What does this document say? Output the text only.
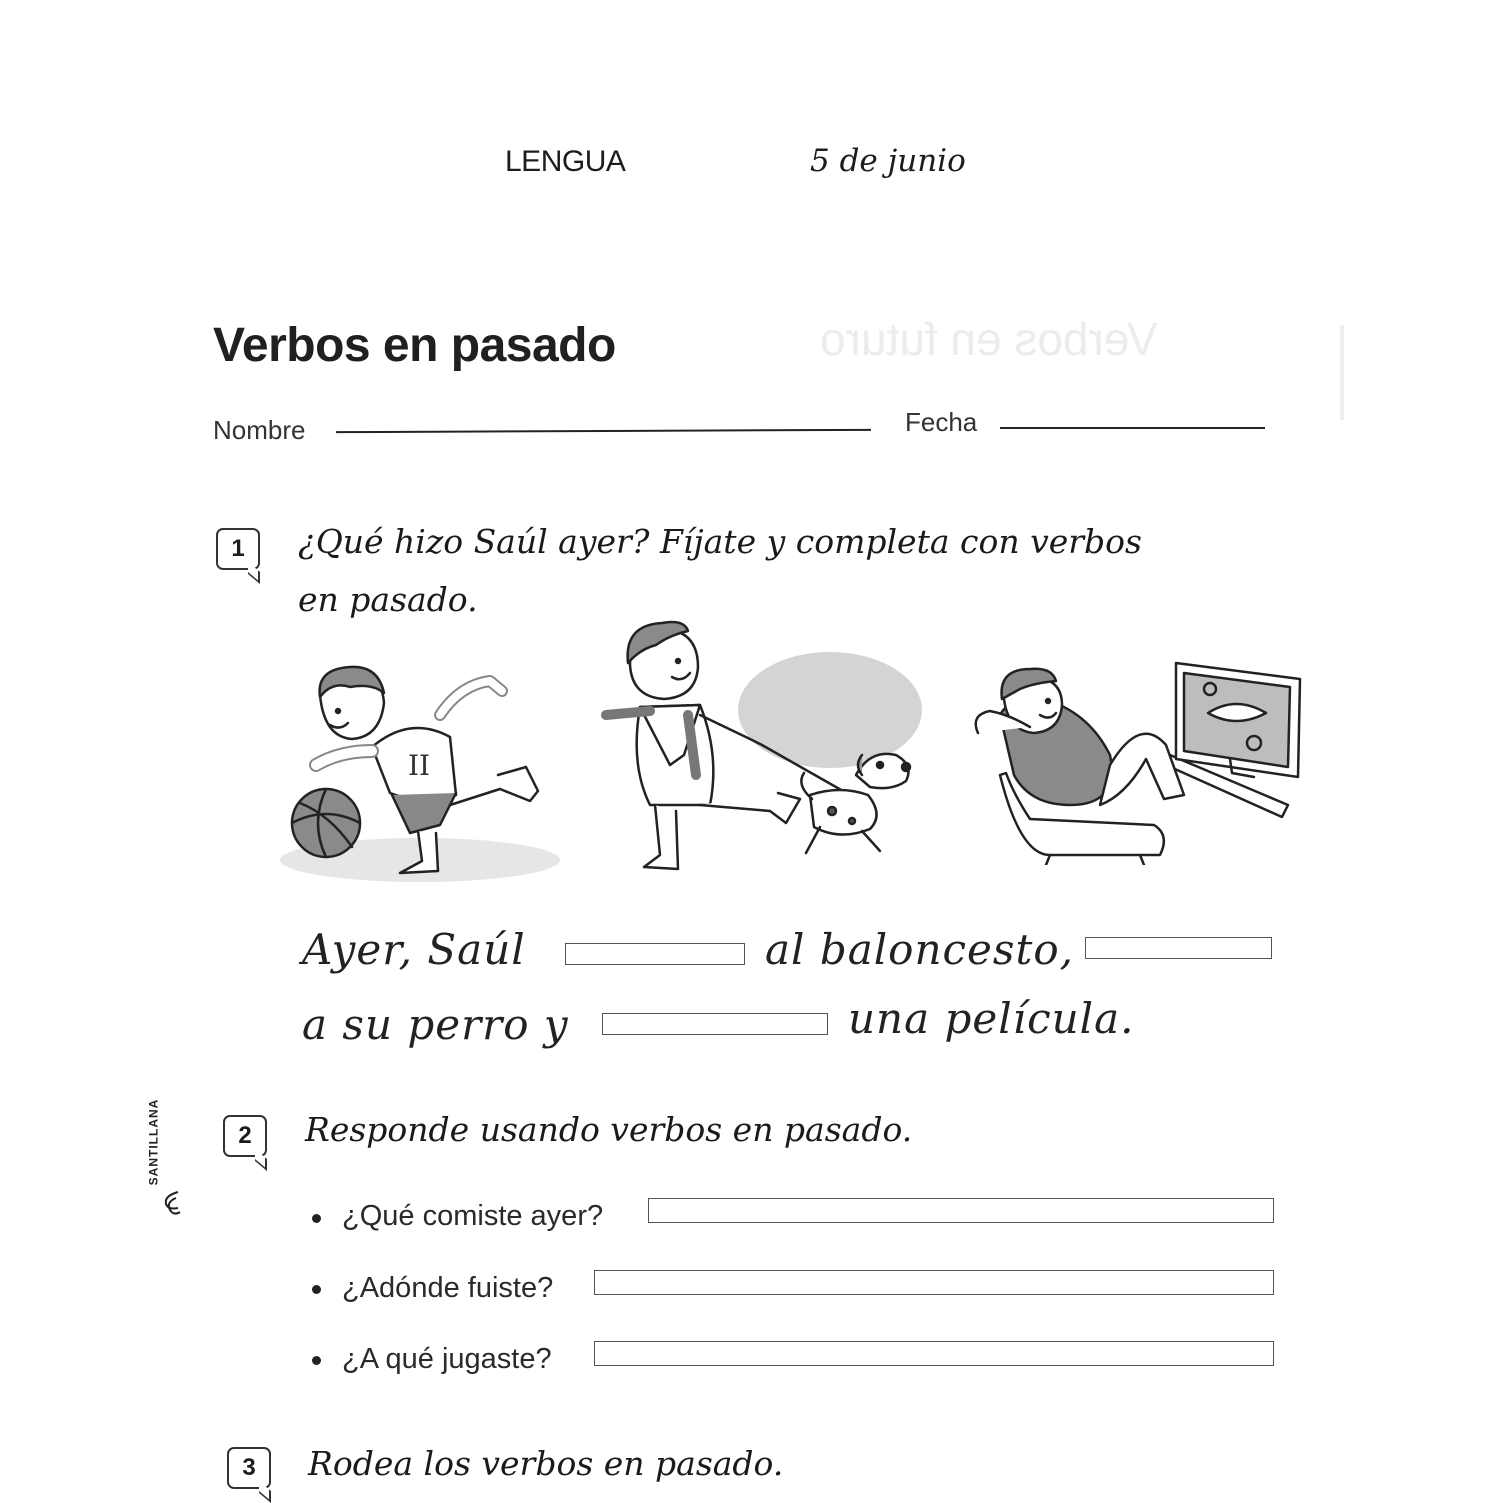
LENGUA	5 de junio
Verbos en futuro
Verbos en pasado
Nombre	Fecha
1	¿Qué hizo Saúl ayer? Fíjate y completa con verbos
en pasado.
II
Ayer, Saúl	al baloncesto,
a su perro y	una película.
SANTILLANA	2	Responde usando verbos en pasado.
¿Qué comiste ayer?
¿Adónde fuiste?
¿A qué jugaste?
3	Rodea los verbos en pasado.
